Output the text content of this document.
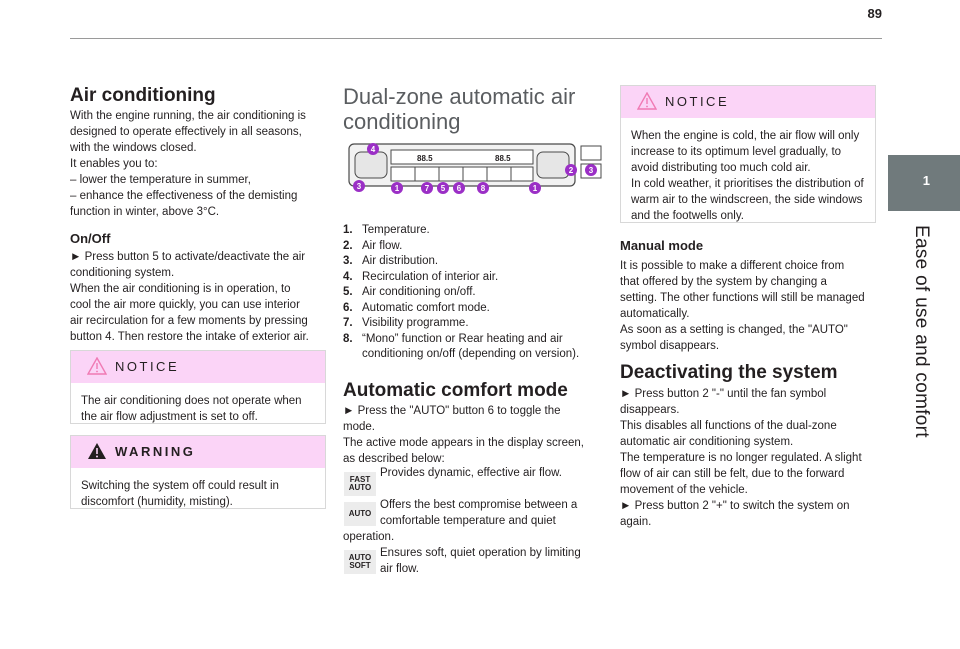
89
1
Ease of use and comfort
Air conditioning

With the engine running, the air conditioning is

designed to operate effectively in all seasons,

with the windows closed.

It enables you to:

– lower the temperature in summer,

– enhance the effectiveness of the demisting

function in winter, above 3°C.

On/Off

► Press button 5 to activate/deactivate the air

conditioning system.

When the air conditioning is in operation, to

cool the air more quickly, you can use interior

air recirculation for a few moments by pressing

button 4. Then restore the intake of exterior air.

NOTICE

The air conditioning does not operate when

the air flow adjustment is set to off.

WARNING

Switching the system off could result in

discomfort (humidity, misting).

Dual-zone automatic air
conditioning
88.5	88.5
4
3	1	7 5 6 8	1
2 3
1. Temperature.
2. Air flow.
3. Air distribution.
4. Recirculation of interior air.
5. Air conditioning on/off.
6. Automatic comfort mode.
7. Visibility programme.
8. “Mono” function or Rear heating and air
conditioning on/off (depending on version).
Automatic comfort mode

► Press the "AUTO" button 6 to toggle the

mode.

The active mode appears in the display screen,

as described below:

FAST
AUTO

Provides dynamic, effective air flow.

AUTO

Offers the best compromise between a

comfortable temperature and quiet

operation.

AUTO
SOFT

Ensures soft, quiet operation by limiting

air flow.

NOTICE

When the engine is cold, the air flow will only

increase to its optimum level gradually, to

avoid distributing too much cold air.

In cold weather, it prioritises the distribution of

warm air to the windscreen, the side windows

and the footwells only.

Manual mode

It is possible to make a different choice from

that offered by the system by changing a

setting. The other functions will still be managed

automatically.

As soon as a setting is changed, the "AUTO"

symbol disappears.

Deactivating the system

► Press button 2 "-" until the fan symbol

disappears.

This disables all functions of the dual-zone

automatic air conditioning system.

The temperature is no longer regulated. A slight

flow of air can still be felt, due to the forward

movement of the vehicle.

► Press button 2 "+" to switch the system on

again.
